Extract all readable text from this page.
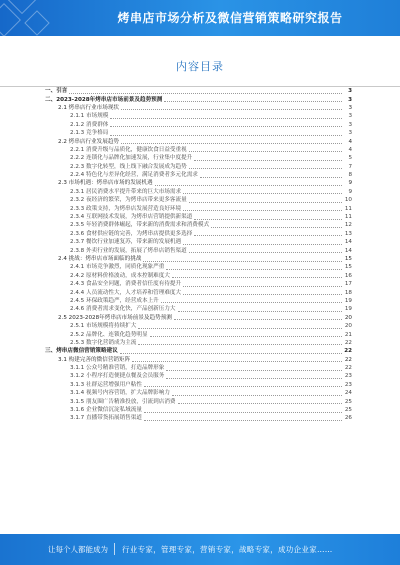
烤串店市场分析及微信营销策略研究报告
内容目录
一、引言	3
二、2023-2028年烤串店市场前景及趋势预测	3
2.1 烤串店行业市场现状	3
2.1.1 市场规模	3
2.1.2 消费群体	3
2.1.3 竞争格局	3
2.2 烤串店行业发展趋势	4
2.2.1 消费升级与品质化，健康饮食日益受重视	4
2.2.2 连锁化与品牌化加速发展，行业集中度提升	5
2.2.3 数字化转型，线上线下融合发展成为趋势	7
2.2.4 特色化与差异化经营，满足消费者多元化需求	8
2.3 市场机遇：烤串店市场的发展机遇	9
2.3.1 居民消费水平提升带来的巨大市场需求	9
2.3.2 夜经济的繁荣，为烤串店带来更多客流量	10
2.3.3 政策支持，为烤串店发展营造良好环境	11
2.3.4 互联网技术发展，为烤串店营销提供新渠道	11
2.3.5 年轻消费群体崛起，带来新的消费需求和消费模式	12
2.3.6 食材供应链的完善，为烤串店提供更多选择	13
2.3.7 餐饮行业加速复苏，带来新的发展机遇	14
2.3.8 外卖行业的发展，拓展了烤串店销售渠道	14
2.4 挑战：烤串店市场面临的挑战	15
2.4.1 市场竞争激烈，同质化现象严重	15
2.4.2 原材料价格波动，成本控制难度大	16
2.4.3 食品安全问题，消费者信任度有待提升	17
2.4.4 人员流动性大，人才培养和管理难度大	18
2.4.5 环保政策趋严，经营成本上升	19
2.4.6 消费者需求变化快，产品创新压力大	19
2.5 2023-2028年烤串店市场前景及趋势预测	20
2.5.1 市场规模将持续扩大	20
2.5.2 品牌化、连锁化趋势明显	21
2.5.3 数字化营销成为主流	22
三、烤串店微信营销策略建议	22
3.1 构建完善的微信营销矩阵	22
3.1.1 公众号精准营销，打造品牌形象	22
3.1.2 小程序打造便捷点餐及会员服务	23
3.1.3 社群运营增强用户粘性	23
3.1.4 视频号内容营销，扩大品牌影响力	24
3.1.5 朋友圈广告精准投放，引流到店消费	25
3.1.6 企业微信沉淀私域流量	25
3.1.7 直播带货拓展销售渠道	26
让每个人都能成为 行业专家，管理专家，营销专家，战略专家，成功企业家……
